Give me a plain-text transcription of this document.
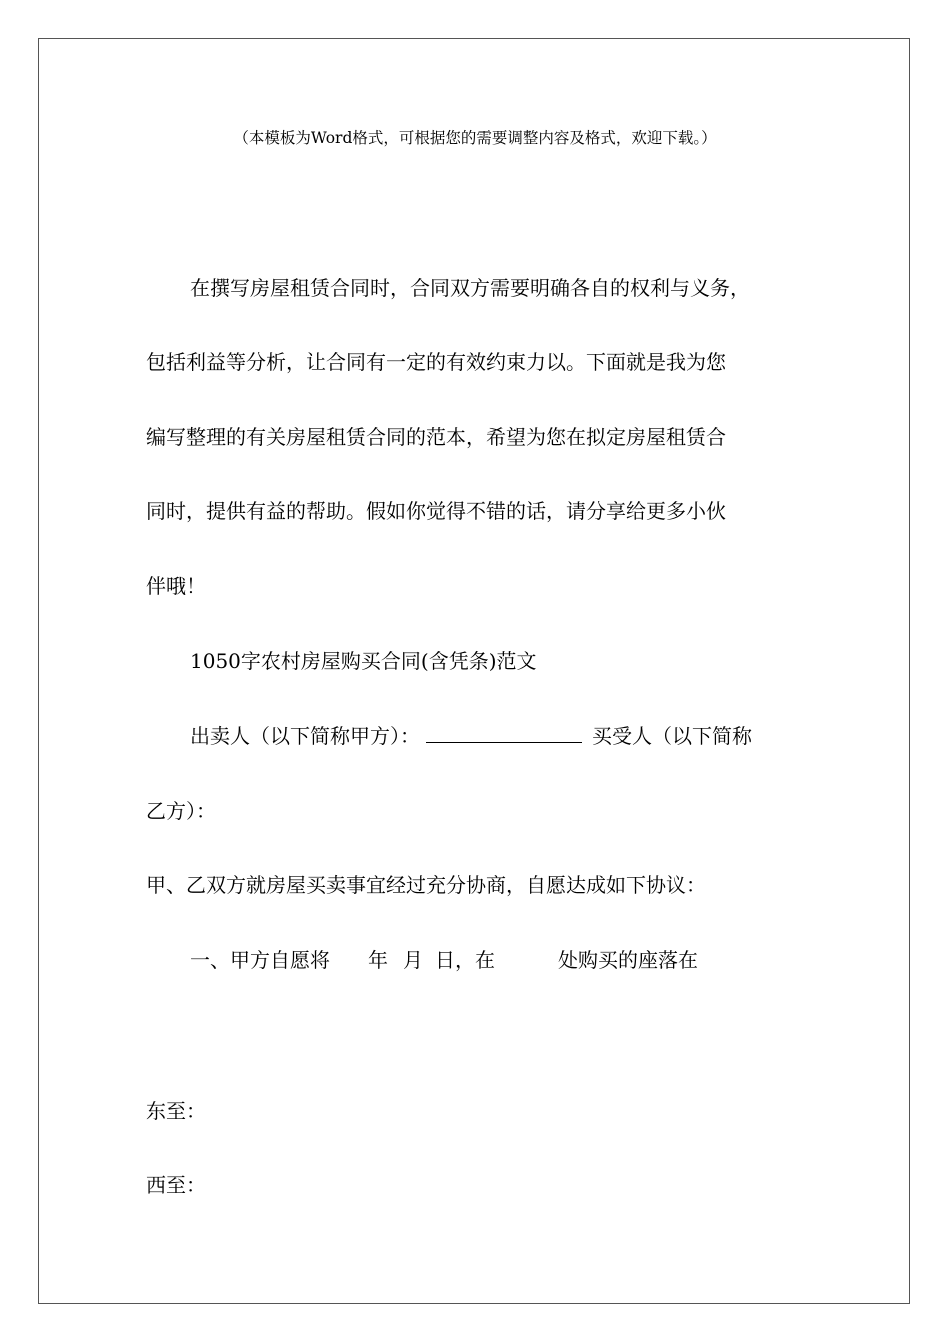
（本模板为Word格式，可根据您的需要调整内容及格式，欢迎下载。）
在撰写房屋租赁合同时，合同双方需要明确各自的权利与义务，
包括利益等分析，让合同有一定的有效约束力以。下面就是我为您
编写整理的有关房屋租赁合同的范本，希望为您在拟定房屋租赁合
同时，提供有益的帮助。假如你觉得不错的话，请分享给更多小伙
伴哦！
1050字农村房屋购买合同(含凭条)范文
出卖人（以下简称甲方）：	买受人（以下简称
乙方）：
甲、乙双方就房屋买卖事宜经过充分协商，自愿达成如下协议：
一、甲方自愿将 年 月 日，在	处购买的座落在
东至：
西至：
